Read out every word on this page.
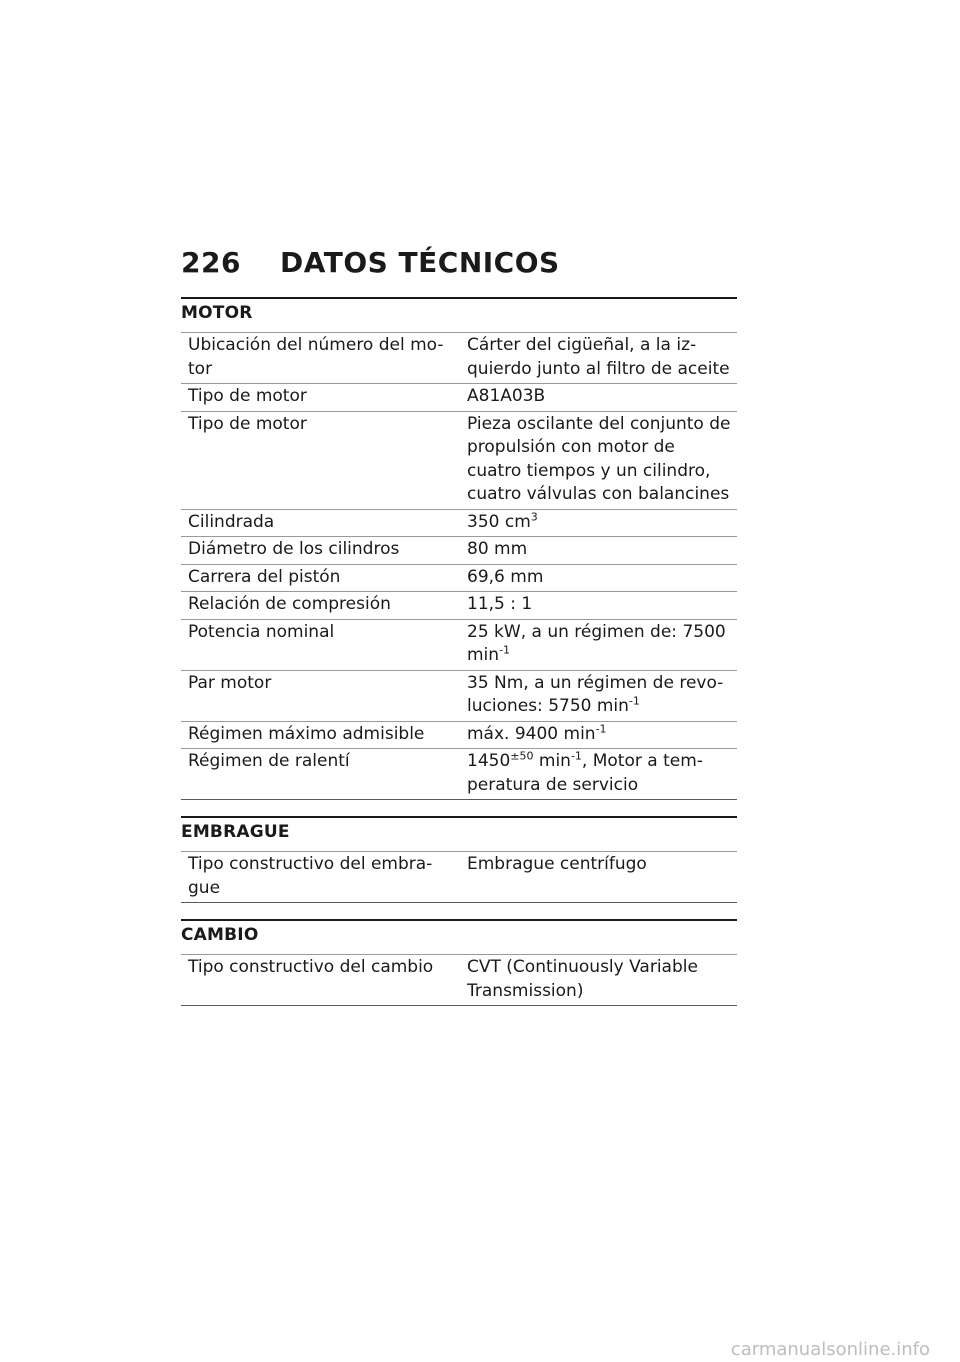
226	DATOS TÉCNICOS
MOTOR
Ubicación del número del mo-tor	Cárter del cigüeñal, a la iz-quierdo junto al filtro de aceite
Tipo de motor	A81A03B
Tipo de motor	Pieza oscilante del conjunto de propulsión con motor de cuatro tiempos y un cilindro, cuatro válvulas con balancines
Cilindrada	350 $cm^3$
Diámetro de los cilindros	80 mm
Carrera del pistón	69,6 mm
Relación de compresión	11,5 : 1
Potencia nominal	25 kW, a un régimen de: 7500 $\min^{-1}$
Par motor	35 Nm, a un régimen de revo-luciones: 5750 $\min^{-1}$
Régimen máximo admisible	máx. 9400 $\min^{-1}$
Régimen de ralentí	$1450^{\pm 50}$ $\min^{-1}$, Motor a tem-peratura de servicio
EMBRAGUE
Tipo constructivo del embra-gue	Embrague centrífugo
CAMBIO
Tipo constructivo del cambio	CVT (Continuously Variable Transmission)
carmanualsonline.info
